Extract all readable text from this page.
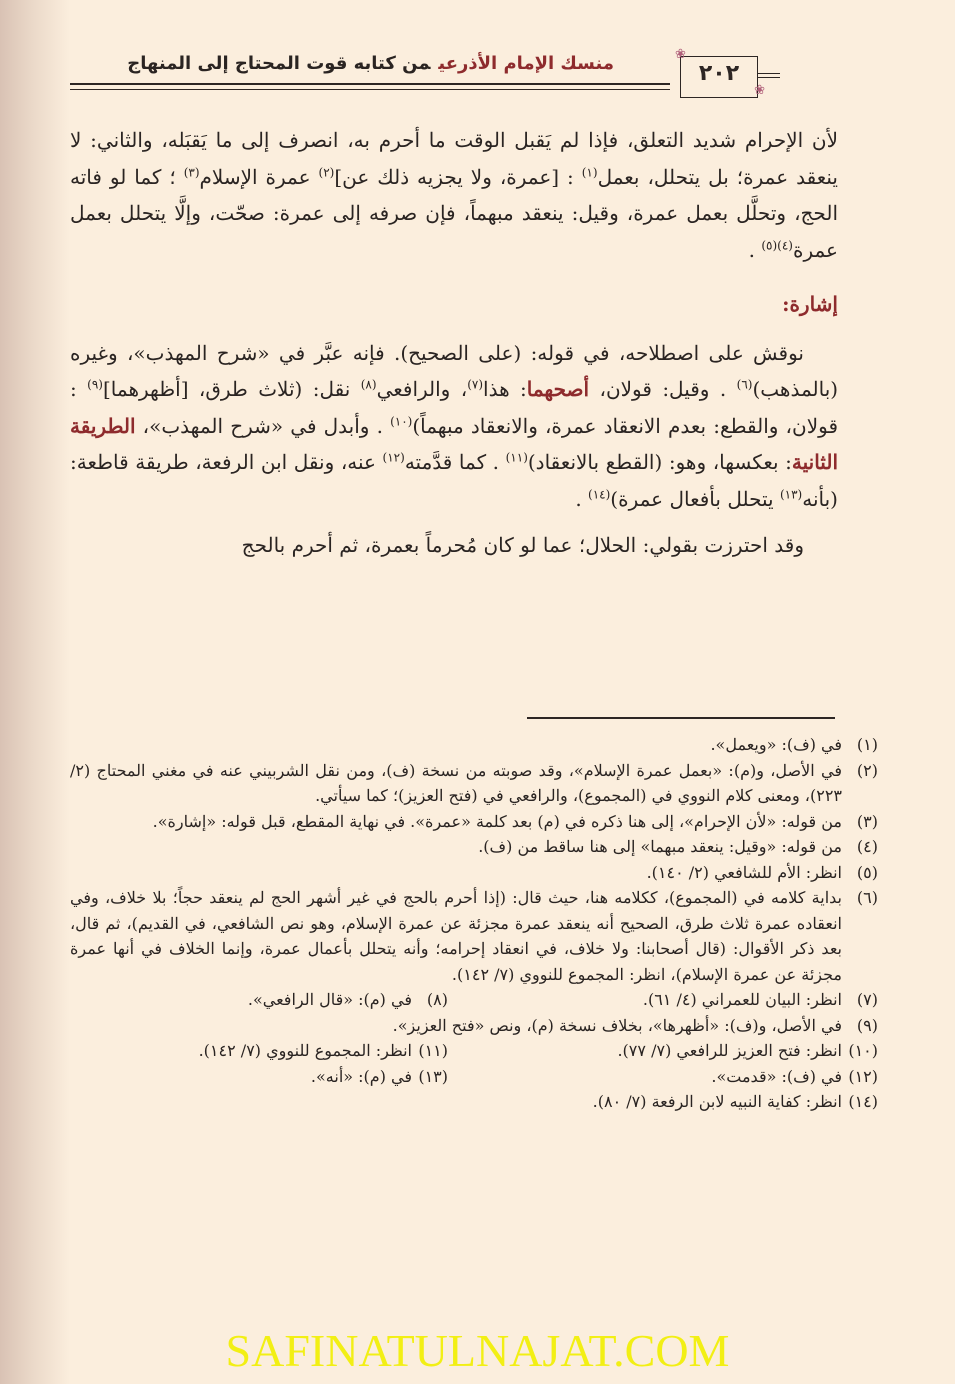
منسك الإمام الأذرعيمن كتابه قوت المحتاج إلى المنهاج	❀
٢٠٢
❀

لأن الإحرام شديد التعلق، فإذا لم يَقبل الوقت ما أحرم به، انصرف إلى ما يَقبَله، والثاني: لا ينعقد عمرة؛ بل يتحلل، بعمل$^{(١)}$ : [عمرة، ولا يجزيه ذلك عن]$^{(٢)}$ عمرة الإسلام$^{(٣)}$ ؛ كما لو فاته الحج، وتحلَّل بعمل عمرة، وقيل: ينعقد مبهماً، فإن صرفه إلى عمرة: صحّت، وإلَّا يتحلل بعمل عمرة$^{(٤)(٥)}$ .

إشارة:

نوقش على اصطلاحه، في قوله: (على الصحيح). فإنه عبَّر في «شرح المهذب»، وغيره (بالمذهب)$^{(٦)}$ . وقيل: قولان، أصحهما: هذا$^{(٧)}$، والرافعي$^{(٨)}$ نقل: (ثلاث طرق، [أظهرهما]$^{(٩)}$ : قولان، والقطع: بعدم الانعقاد عمرة، والانعقاد مبهماً)$^{(١٠)}$ . وأبدل في «شرح المهذب»، الطريقة الثانية: بعكسها، وهو: (القطع بالانعقاد)$^{(١١)}$ . كما قدَّمته$^{(١٢)}$ عنه، ونقل ابن الرفعة، طريقة قاطعة: (بأنه$^{(١٣)}$ يتحلل بأفعال عمرة)$^{(١٤)}$ .

وقد احترزت بقولي: الحلال؛ عما لو كان مُحرماً بعمرة، ثم أحرم بالحج

(١)
في (ف): «ويعمل».
(٢)
في الأصل، و(م): «بعمل عمرة الإسلام»، وقد صوبته من نسخة (ف)، ومن نقل الشربيني عنه في مغني المحتاج (٢/ ٢٢٣)، ومعنى كلام النووي في (المجموع)، والرافعي في (فتح العزيز)؛ كما سيأتي.
(٣)
من قوله: «لأن الإحرام»، إلى هنا ذكره في (م) بعد كلمة «عمرة». في نهاية المقطع، قبل قوله: «إشارة».
(٤)
من قوله: «وقيل: ينعقد مبهما» إلى هنا ساقط من (ف).
(٥)
انظر: الأم للشافعي (٢/ ١٤٠).
(٦)
بداية كلامه في (المجموع)، ككلامه هنا، حيث قال: (إذا أحرم بالحج في غير أشهر الحج لم ينعقد حجاً؛ بلا خلاف، وفي انعقاده عمرة ثلاث طرق، الصحيح أنه ينعقد عمرة مجزئة عن عمرة الإسلام، وهو نص الشافعي، في القديم)، ثم قال، بعد ذكر الأقوال: (قال أصحابنا: ولا خلاف، في انعقاد إحرامه؛ وأنه يتحلل بأعمال عمرة، وإنما الخلاف في أنها عمرة مجزئة عن عمرة الإسلام)، انظر: المجموع للنووي (٧/ ١٤٢).
(٧)
انظر: البيان للعمراني (٤/ ٦١).
(٨)
في (م): «قال الرافعي».
(٩)
في الأصل، و(ف): «أظهرها»، بخلاف نسخة (م)، ونص «فتح العزيز».
(١٠)
انظر: فتح العزيز للرافعي (٧/ ٧٧).
(١١)
انظر: المجموع للنووي (٧/ ١٤٢).
(١٢)
في (ف): «قدمت».
(١٣)
في (م): «أنه».
(١٤)
انظر: كفاية النبيه لابن الرفعة (٧/ ٨٠).
SAFINATULNAJAT.COM
